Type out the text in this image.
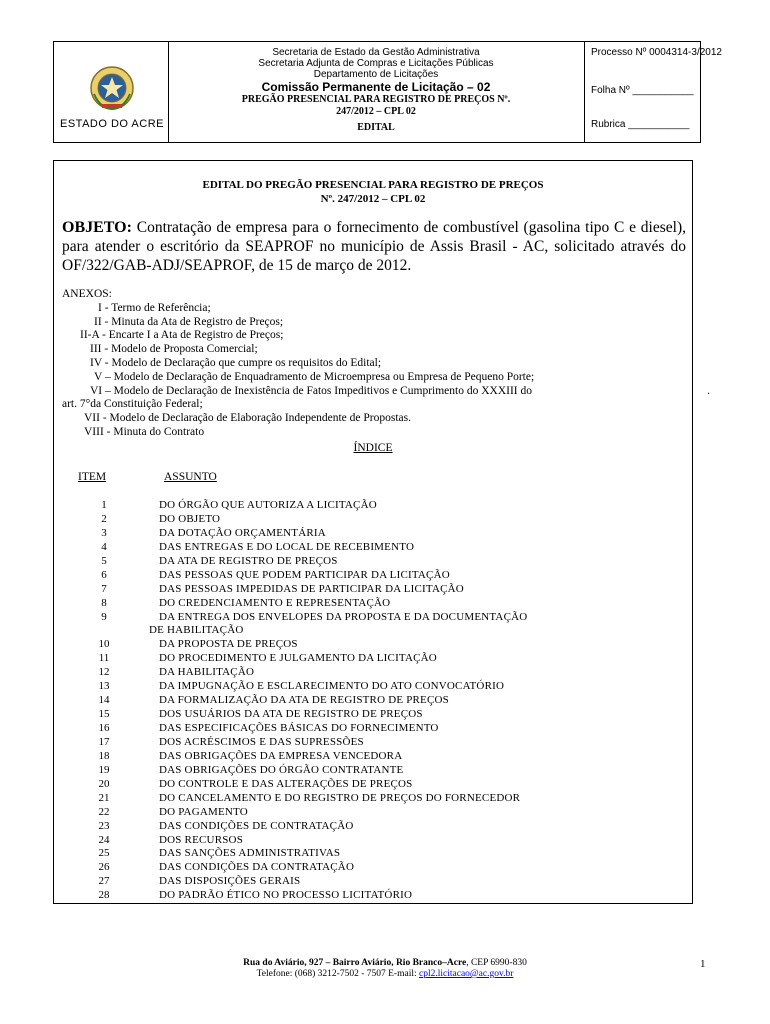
ESTADO DO ACRE
Secretaria de Estado da Gestão Administrativa
Secretaria Adjunta de Compras e Licitações Públicas
Departamento de Licitações
Comissão Permanente de Licitação – 02
PREGÃO PRESENCIAL PARA REGISTRO DE PREÇOS Nº.
247/2012 – CPL 02
EDITAL
Processo Nº 0004314-3/2012
Folha Nº ___________
Rubrica ___________
EDITAL DO PREGÃO PRESENCIAL PARA REGISTRO DE PREÇOS
Nº. 247/2012 – CPL 02
OBJETO: Contratação de empresa para o fornecimento de combustível (gasolina tipo C e diesel), para atender o escritório da SEAPROF no município de Assis Brasil - AC, solicitado através do OF/322/GAB-ADJ/SEAPROF, de 15 de março de 2012.
ANEXOS:
I - Termo de Referência;
II - Minuta da Ata de Registro de Preços;
II-A - Encarte I a Ata de Registro de Preços;
III - Modelo de Proposta Comercial;
IV - Modelo de Declaração que cumpre os requisitos do Edital;
V – Modelo de Declaração de Enquadramento de Microempresa ou Empresa de Pequeno Porte;
VI – Modelo de Declaração de Inexistência de Fatos Impeditivos e Cumprimento do XXXIII do	.
art. 7°da Constituição Federal;
VII - Modelo de Declaração de Elaboração Independente de Propostas.
VIII - Minuta do Contrato
ÍNDICE
ITEM	ASSUNTO
1	DO ÓRGÃO QUE AUTORIZA A LICITAÇÃO
2	DO OBJETO
3	DA DOTAÇÃO ORÇAMENTÁRIA
4	DAS ENTREGAS E DO LOCAL DE RECEBIMENTO
5	DA ATA DE REGISTRO DE PREÇOS
6	DAS PESSOAS QUE PODEM PARTICIPAR DA LICITAÇÃO
7	DAS PESSOAS IMPEDIDAS DE PARTICIPAR DA LICITAÇÃO
8	DO CREDENCIAMENTO E REPRESENTAÇÃO
9	DA ENTREGA DOS ENVELOPES DA PROPOSTA E DA DOCUMENTAÇÃO
DE HABILITAÇÃO
10	DA PROPOSTA DE PREÇOS
11	DO PROCEDIMENTO E JULGAMENTO DA LICITAÇÃO
12	DA HABILITAÇÃO
13	DA IMPUGNAÇÃO E ESCLARECIMENTO DO ATO CONVOCATÓRIO
14	DA FORMALIZAÇÃO DA ATA DE REGISTRO DE PREÇOS
15	DOS USUÁRIOS DA ATA DE REGISTRO DE PREÇOS
16	DAS ESPECIFICAÇÕES BÁSICAS DO FORNECIMENTO
17	DOS ACRÉSCIMOS E DAS SUPRESSÕES
18	DAS OBRIGAÇÕES DA EMPRESA VENCEDORA
19	DAS OBRIGAÇÕES DO ÓRGÃO CONTRATANTE
20	DO CONTROLE E DAS ALTERAÇÕES DE PREÇOS
21	DO CANCELAMENTO E DO REGISTRO DE PREÇOS DO FORNECEDOR
22	DO PAGAMENTO
23	DAS CONDIÇÕES DE CONTRATAÇÃO
24	DOS RECURSOS
25	DAS SANÇÕES ADMINISTRATIVAS
26	DAS CONDIÇÕES DA CONTRATAÇÃO
27	DAS DISPOSIÇÕES GERAIS
28	DO PADRÃO ÉTICO NO PROCESSO LICITATÓRIO
Rua do Aviário, 927 – Bairro Aviário, Rio Branco–Acre, CEP 6990-830
Telefone: (068) 3212-7502 - 7507 E-mail: cpl2.licitacao@ac.gov.br
1
